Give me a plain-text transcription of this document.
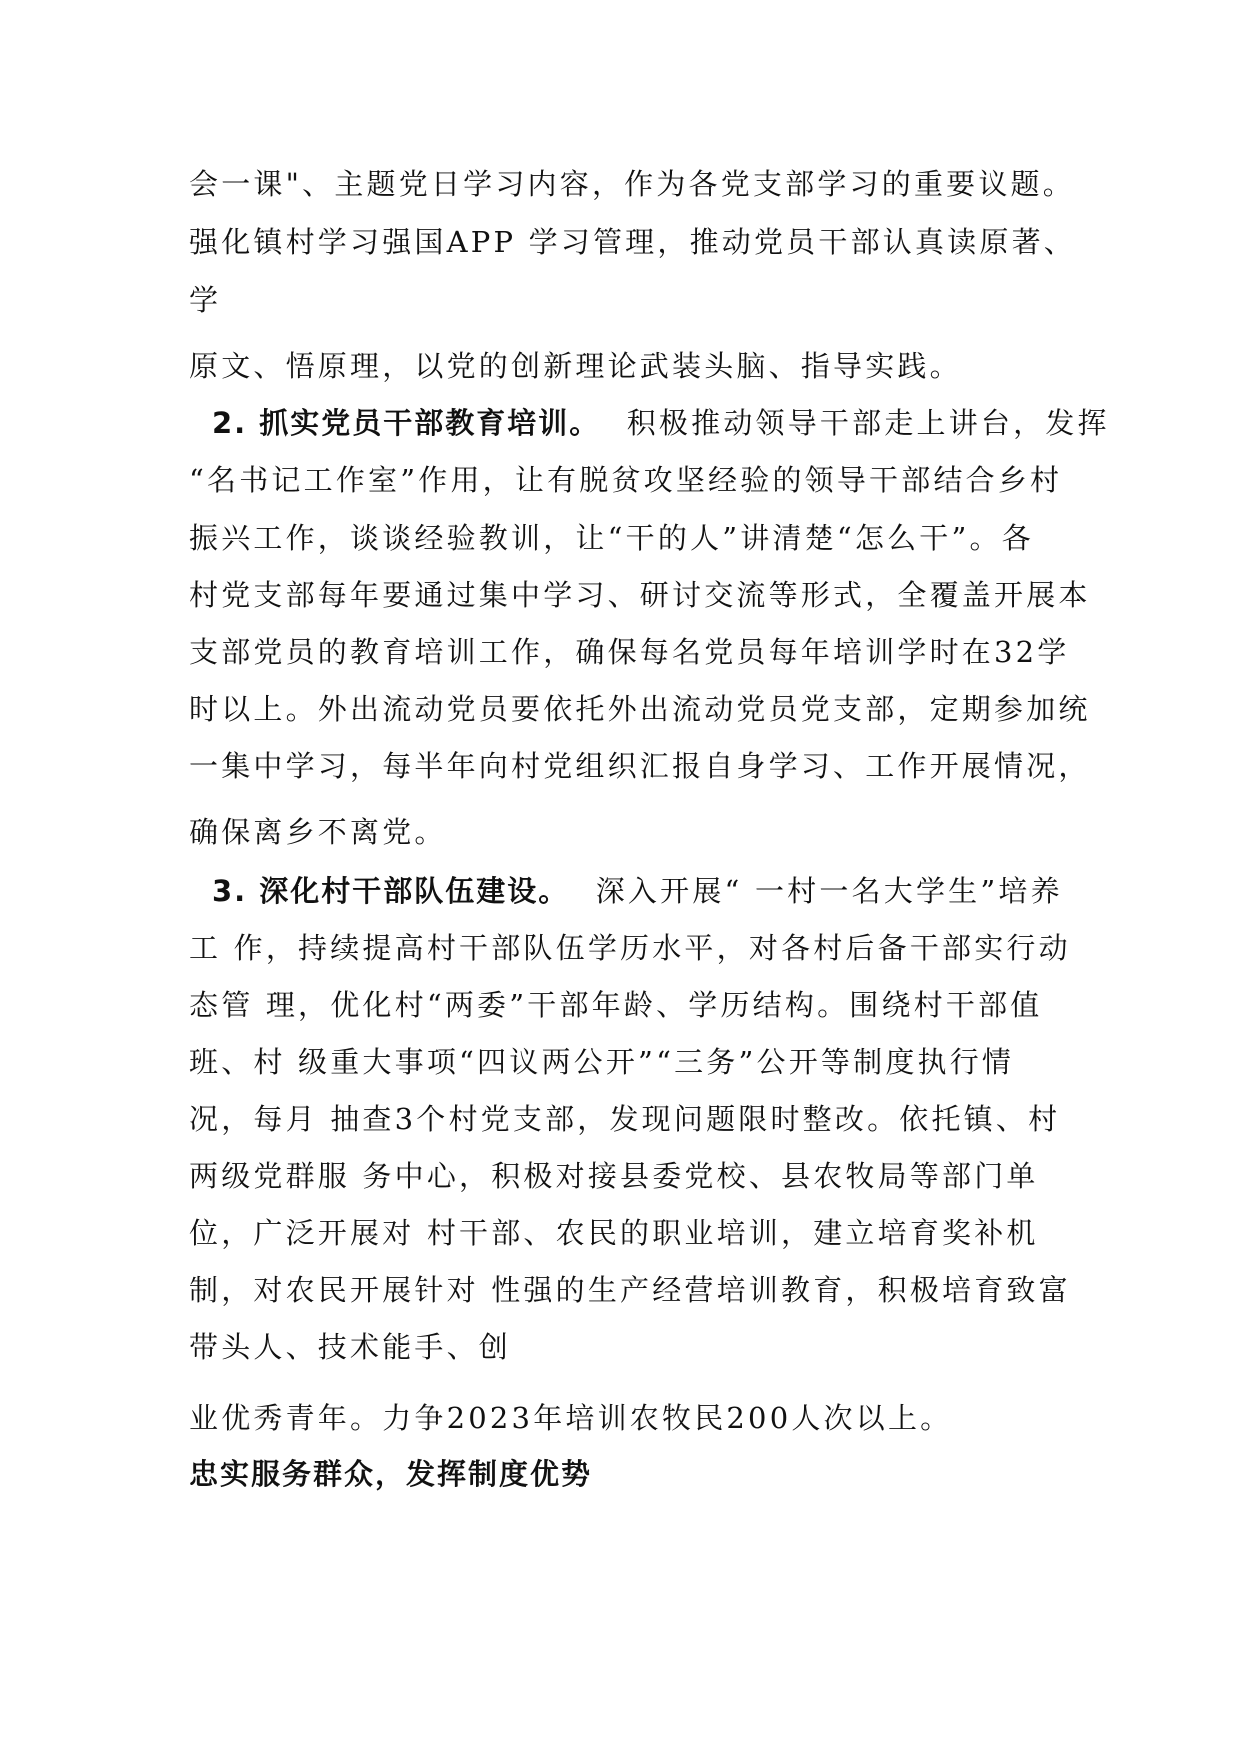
会一课"、主题党日学习内容，作为各党支部学习的重要议题。
强化镇村学习强国APP 学习管理，推动党员干部认真读原著、
学
原文、悟原理，以党的创新理论武装头脑、指导实践。
2. 抓实党员干部教育培训。 积极推动领导干部走上讲台，发挥
“名书记工作室”作用，让有脱贫攻坚经验的领导干部结合乡村
振兴工作，谈谈经验教训，让“干的人”讲清楚“怎么干”。各
村党支部每年要通过集中学习、研讨交流等形式，全覆盖开展本
支部党员的教育培训工作，确保每名党员每年培训学时在32学
时以上。外出流动党员要依托外出流动党员党支部，定期参加统
一集中学习，每半年向村党组织汇报自身学习、工作开展情况，
确保离乡不离党。
3. 深化村干部队伍建设。 深入开展“ 一村一名大学生”培养
工 作，持续提高村干部队伍学历水平，对各村后备干部实行动
态管 理，优化村“两委”干部年龄、学历结构。围绕村干部值
班、村 级重大事项“四议两公开”“三务”公开等制度执行情
况，每月 抽查3个村党支部，发现问题限时整改。依托镇、村
两级党群服 务中心，积极对接县委党校、县农牧局等部门单
位，广泛开展对 村干部、农民的职业培训，建立培育奖补机
制，对农民开展针对 性强的生产经营培训教育，积极培育致富
带头人、技术能手、创
业优秀青年。力争2023年培训农牧民200人次以上。
忠实服务群众，发挥制度优势
